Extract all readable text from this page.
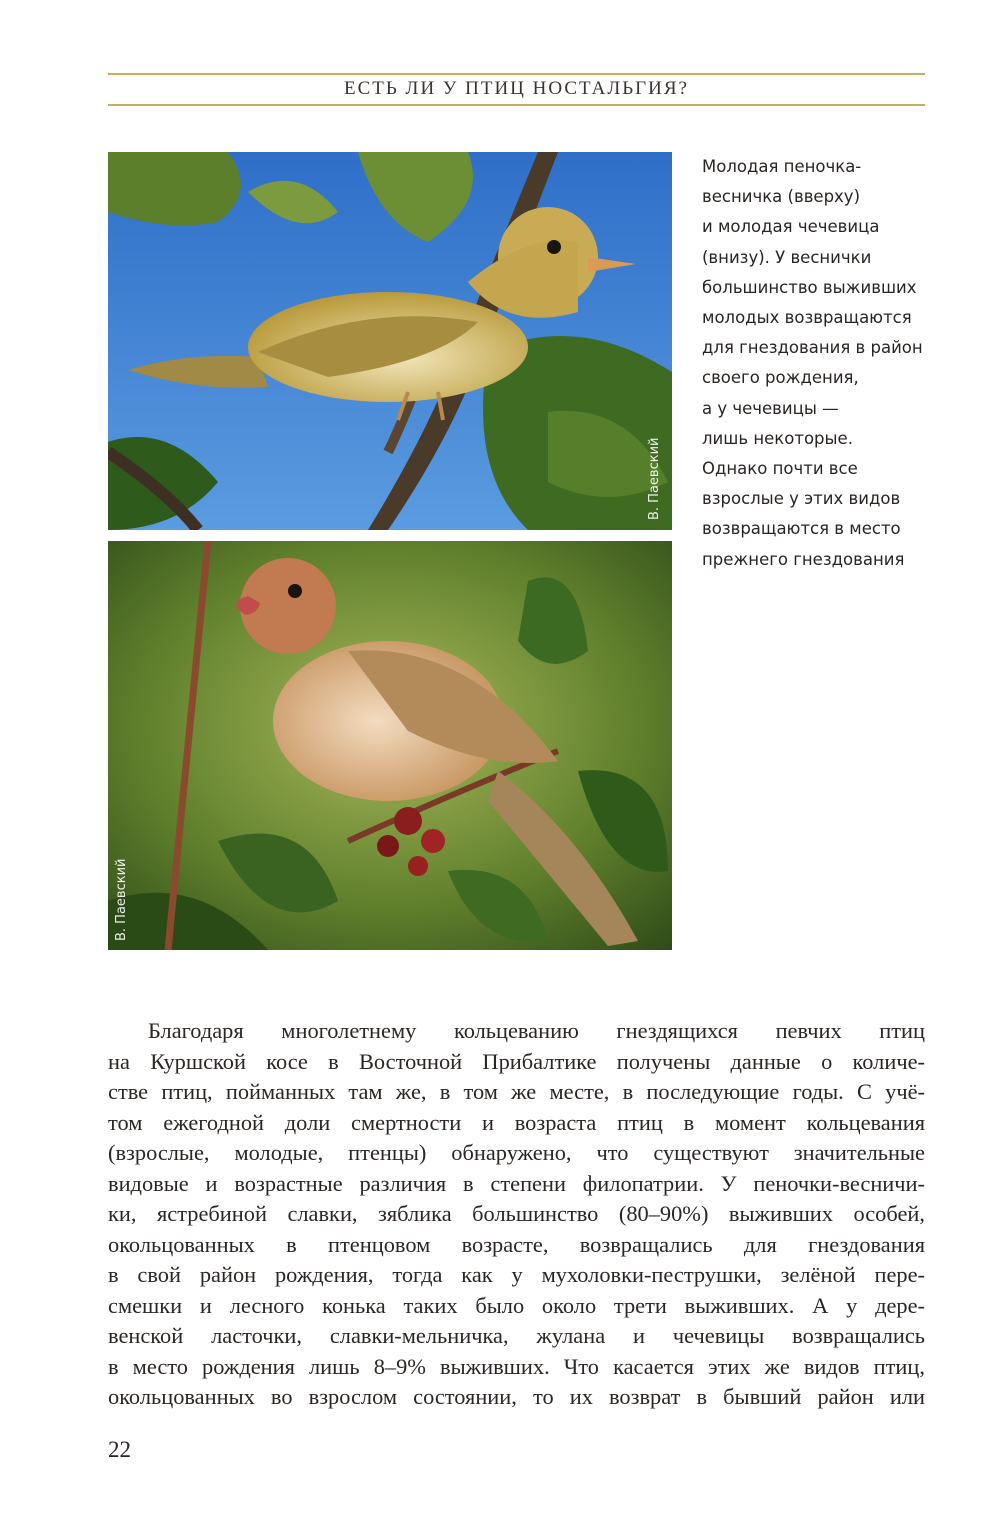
ЕСТЬ ЛИ У ПТИЦ НОСТАЛЬГИЯ?
В. Паевский
В. Паевский
Молодая пеночка-
весничка (вверху)
и молодая чечевица
(внизу). У веснички
большинство выживших
молодых возвращаются
для гнездования в район
своего рождения,
а у чечевицы —
лишь некоторые.
Однако почти все
взрослые у этих видов
возвращаются в место
прежнего гнездования
Благодаря многолетнему кольцеванию гнездящихся певчих птиц
на Куршской косе в Восточной Прибалтике получены данные о количе-
стве птиц, пойманных там же, в том же месте, в последующие годы. С учё-
том ежегодной доли смертности и возраста птиц в момент кольцевания
(взрослые, молодые, птенцы) обнаружено, что существуют значительные
видовые и возрастные различия в степени филопатрии. У пеночки-весничи-
ки, ястребиной славки, зяблика большинство (80–90%) выживших особей,
окольцованных в птенцовом возрасте, возвращались для гнездования
в свой район рождения, тогда как у мухоловки-пеструшки, зелёной пере-
смешки и лесного конька таких было около трети выживших. А у дере-
венской ласточки, славки-мельничка, жулана и чечевицы возвращались
в место рождения лишь 8–9% выживших. Что касается этих же видов птиц,
окольцованных во взрослом состоянии, то их возврат в бывший район или
22
